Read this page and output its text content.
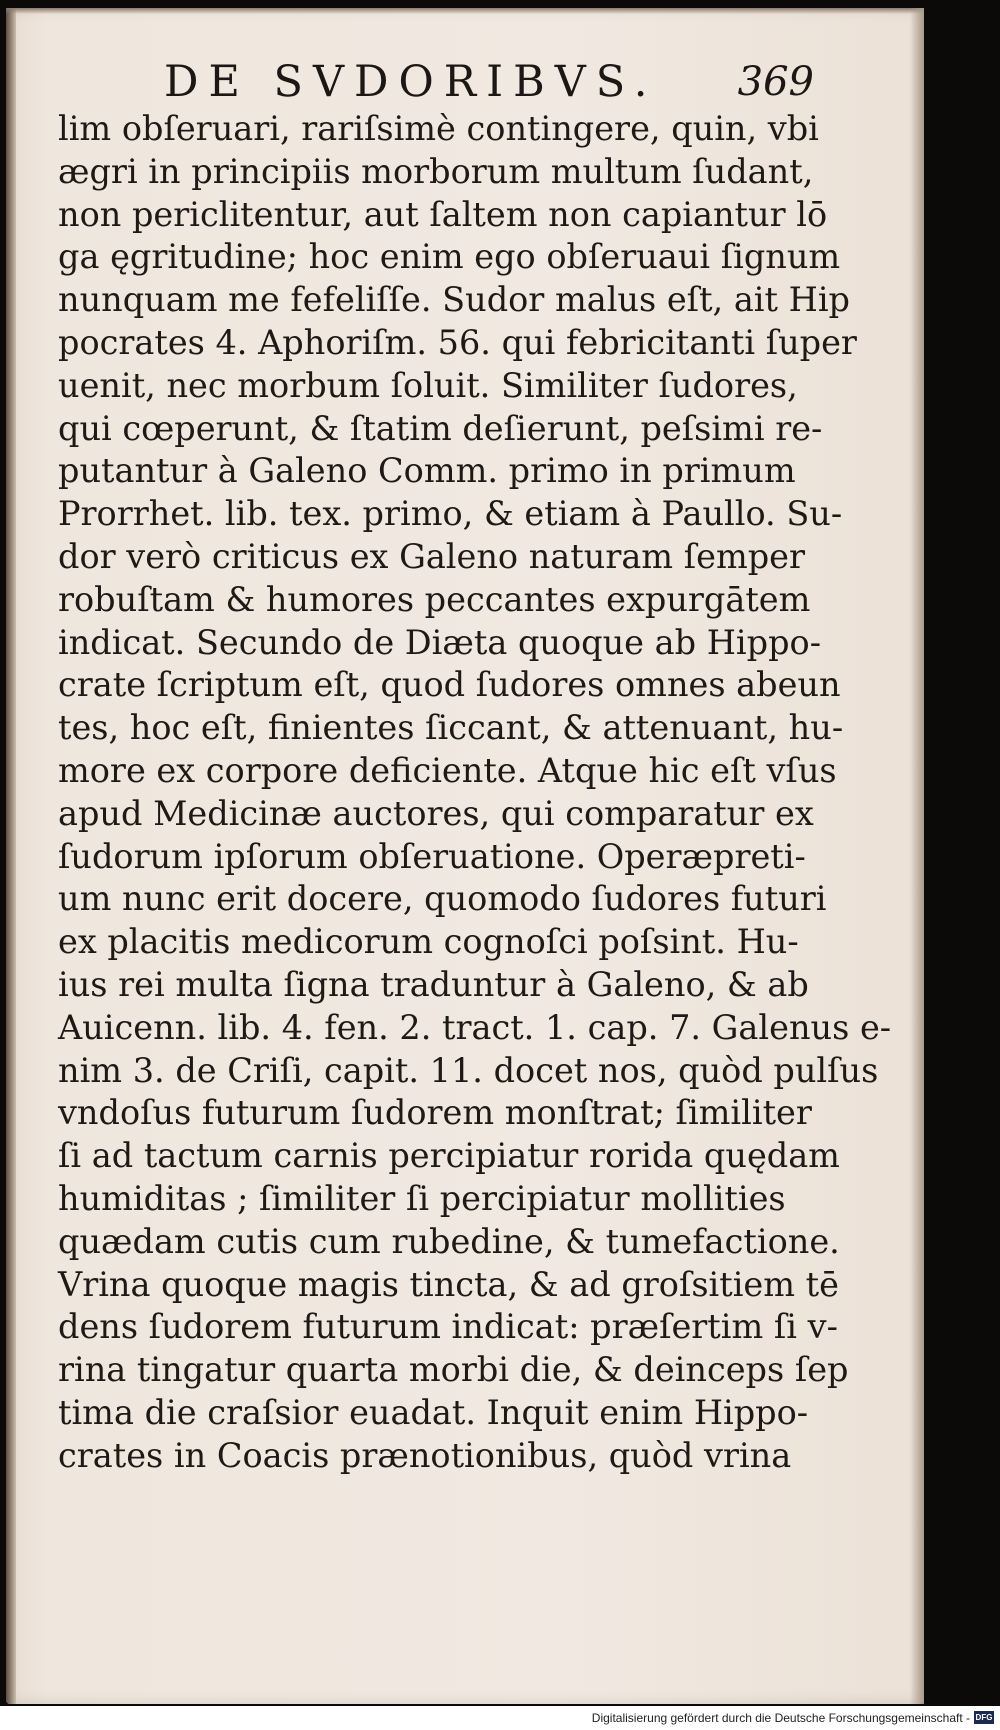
DE SVDORIBVS. 369
lim obſeruari, rariſsimè contingere, quin, vbi
ægri in principiis morborum multum ſudant,
non periclitentur, aut ſaltem non capiantur lō
ga ęgritudine; hoc enim ego obſeruaui ſignum
nunquam me fefeliſſe. Sudor malus eſt, ait Hip
pocrates 4. Aphoriſm. 56. qui febricitanti ſuper
uenit, nec morbum ſoluit. Similiter ſudores,
qui cœperunt, & ſtatim deſierunt, peſsimi re-
putantur à Galeno Comm. primo in primum
Prorrhet. lib. tex. primo, & etiam à Paullo. Su-
dor verò criticus ex Galeno naturam ſemper
robuſtam & humores peccantes expurgātem
indicat. Secundo de Diæta quoque ab Hippo-
crate ſcriptum eſt, quod ſudores omnes abeun
tes, hoc eſt, finientes ſiccant, & attenuant, hu-
more ex corpore deficiente. Atque hic eſt vſus
apud Medicinæ auctores, qui comparatur ex
ſudorum ipſorum obſeruatione. Operæpreti-
um nunc erit docere, quomodo ſudores futuri
ex placitis medicorum cognoſci poſsint. Hu-
ius rei multa ſigna traduntur à Galeno, & ab
Auicenn. lib. 4. fen. 2. tract. 1. cap. 7. Galenus e-
nim 3. de Criſi, capit. 11. docet nos, quòd pulſus
vndoſus futurum ſudorem monſtrat; ſimiliter
ſi ad tactum carnis percipiatur rorida quędam
humiditas ; ſimiliter ſi percipiatur mollities
quædam cutis cum rubedine, & tumefactione.
Vrina quoque magis tincta, & ad groſsitiem tē
dens ſudorem futurum indicat: præſertim ſi v-
rina tingatur quarta morbi die, & deinceps ſep
tima die craſsior euadat. Inquit enim Hippo-
crates in Coacis prænotionibus, quòd vrina
Digitalisierung gefördert durch die Deutsche Forschungsgemeinschaft - DFG
